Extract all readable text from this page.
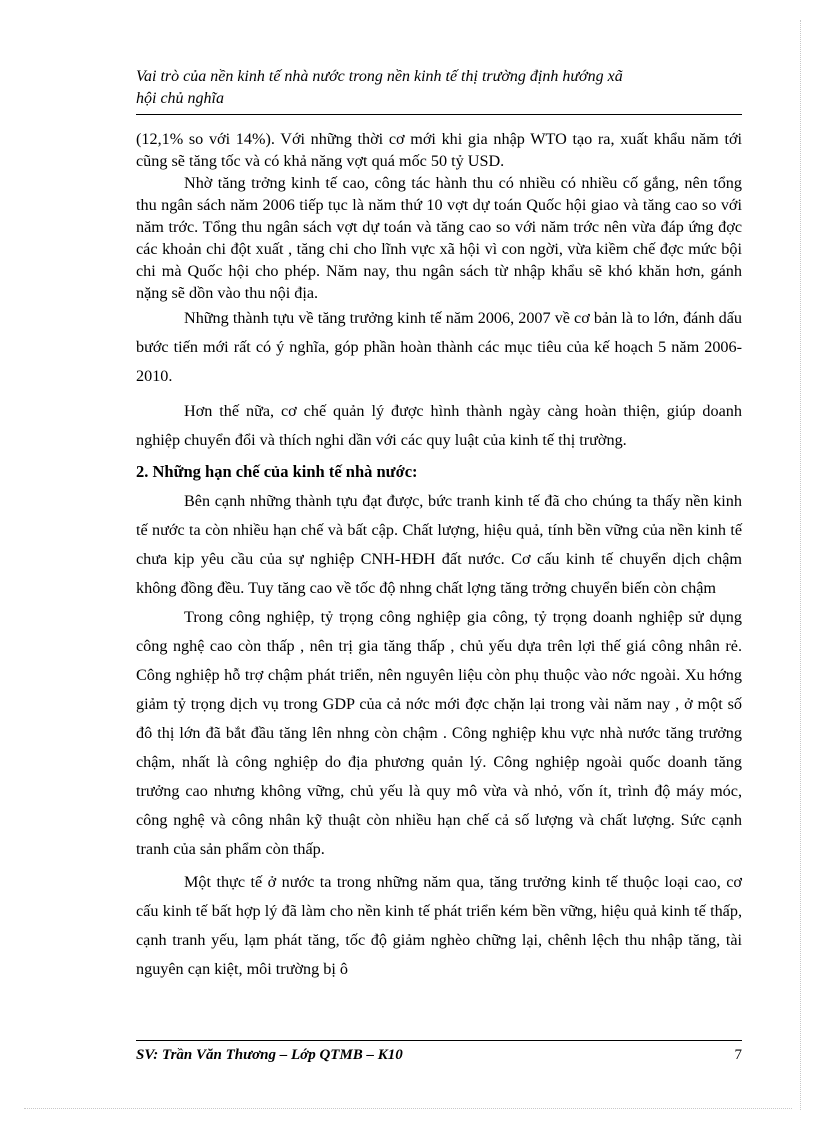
Vai trò của nền kinh tế nhà nước trong nền kinh tế thị trường định hướng xã
hội chủ nghĩa

(12,1% so với 14%). Với những thời cơ mới khi gia nhập WTO tạo ra, xuất khẩu năm tới cũng sẽ tăng tốc và có khả năng vợt quá mốc 50 tỷ USD.

Nhờ tăng trởng kinh tế cao, công tác hành thu có nhiều có nhiều cố gắng, nên tổng thu ngân sách năm 2006 tiếp tục là năm thứ 10 vợt dự toán Quốc hội giao và tăng cao so với năm trớc. Tổng thu ngân sách vợt dự toán và tăng cao so với năm trớc nên vừa đáp ứng đợc các khoản chi đột xuất , tăng chi cho lĩnh vực xã hội vì con ngời, vừa kiềm chế đợc mức bội chi mà Quốc hội cho phép. Năm nay, thu ngân sách từ nhập khẩu sẽ khó khăn hơn, gánh nặng sẽ dồn vào thu nội địa.

Những thành tựu về tăng trưởng kinh tế năm 2006, 2007 về cơ bản là to lớn, đánh dấu bước tiến mới rất có ý nghĩa, góp phần hoàn thành các mục tiêu của kế hoạch 5 năm 2006-2010.

Hơn thế nữa, cơ chế quản lý được hình thành ngày càng hoàn thiện, giúp doanh nghiệp chuyển đổi và thích nghi dần với các quy luật của kinh tế thị trường.

2. Những hạn chế của kinh tế nhà nước:

Bên cạnh những thành tựu đạt được, bức tranh kinh tế đã cho chúng ta thấy nền kinh tế nước ta còn nhiều hạn chế và bất cập. Chất lượng, hiệu quả, tính bền vững của nền kinh tế chưa kịp yêu cầu của sự nghiệp CNH-HĐH đất nước. Cơ cấu kinh tế chuyển dịch chậm không đồng đều. Tuy tăng cao về tốc độ nhng chất lợng tăng trởng chuyển biến còn chậm

Trong công nghiệp, tỷ trọng công nghiệp gia công, tỷ trọng doanh nghiệp sử dụng công nghệ cao còn thấp , nên trị gia tăng thấp , chủ yếu dựa trên lợi thế giá công nhân rẻ. Công nghiệp hỗ trợ chậm phát triển, nên nguyên liệu còn phụ thuộc vào nớc ngoài. Xu hớng giảm tỷ trọng dịch vụ trong GDP của cả nớc mới đợc chặn lại trong vài năm nay , ở một số đô thị lớn đã bắt đầu tăng lên nhng còn chậm . Công nghiệp khu vực nhà nước tăng trưởng chậm, nhất là công nghiệp do địa phương quản lý. Công nghiệp ngoài quốc doanh tăng trưởng cao nhưng không vững, chủ yếu là quy mô vừa và nhỏ, vốn ít, trình độ máy móc, công nghệ và công nhân kỹ thuật còn nhiều hạn chế cả số lượng và chất lượng. Sức cạnh tranh của sản phẩm còn thấp.

Một thực tế ở nước ta trong những năm qua, tăng trưởng kinh tế thuộc loại cao, cơ cấu kinh tế bất hợp lý đã làm cho nền kinh tế phát triển kém bền vững, hiệu quả kinh tế thấp, cạnh tranh yếu, lạm phát tăng, tốc độ giảm nghèo chững lại, chênh lệch thu nhập tăng, tài nguyên cạn kiệt, môi trường bị ô

SV: Trần Văn Thương – Lớp QTMB – K10	7
